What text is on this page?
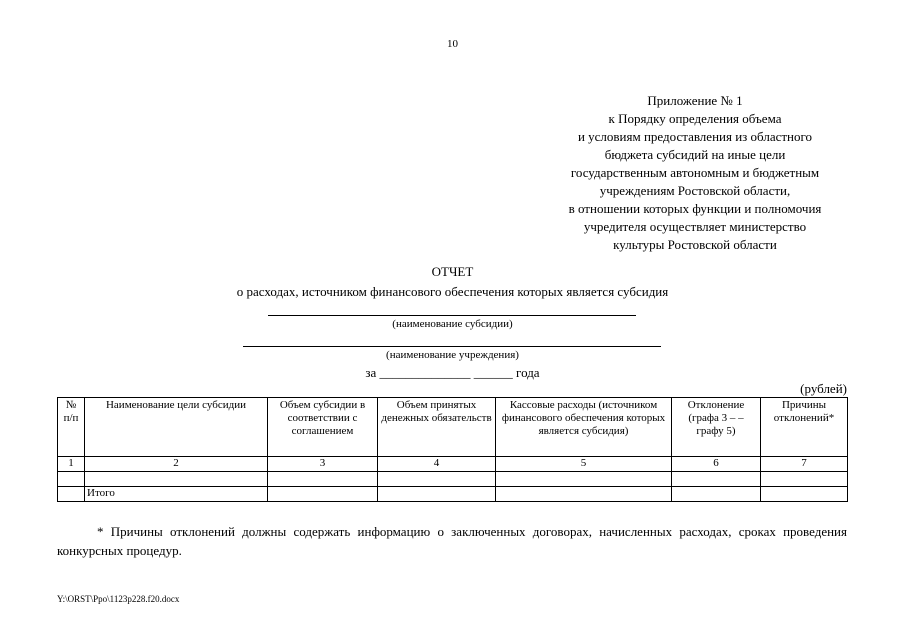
10
Приложение № 1
к Порядку определения объема
и условиям предоставления из областного
бюджета субсидий на иные цели
государственным автономным и бюджетным
учреждениям Ростовской области,
в отношении которых функции и полномочия
учредителя осуществляет министерство
культуры Ростовской области
ОТЧЕТ
о расходах, источником финансового обеспечения которых является субсидия
(наименование субсидии)
(наименование учреждения)
за ______________ ______ года
(рублей)
№ п/п	Наименование цели субсидии	Объем субсидии в соответствии с соглашением	Объем принятых денежных обязательств	Кассовые расходы (источником финансового обеспечения которых является субсидия)	Отклонение (графа 3 – – графу 5)	Причины отклонений*
1	2	3	4	5	6	7

	Итого					
* Причины отклонений должны содержать информацию о заключенных договорах, начисленных расходах, сроках проведения конкурсных процедур.
Y:\ORST\Ppo\1123p228.f20.docx
